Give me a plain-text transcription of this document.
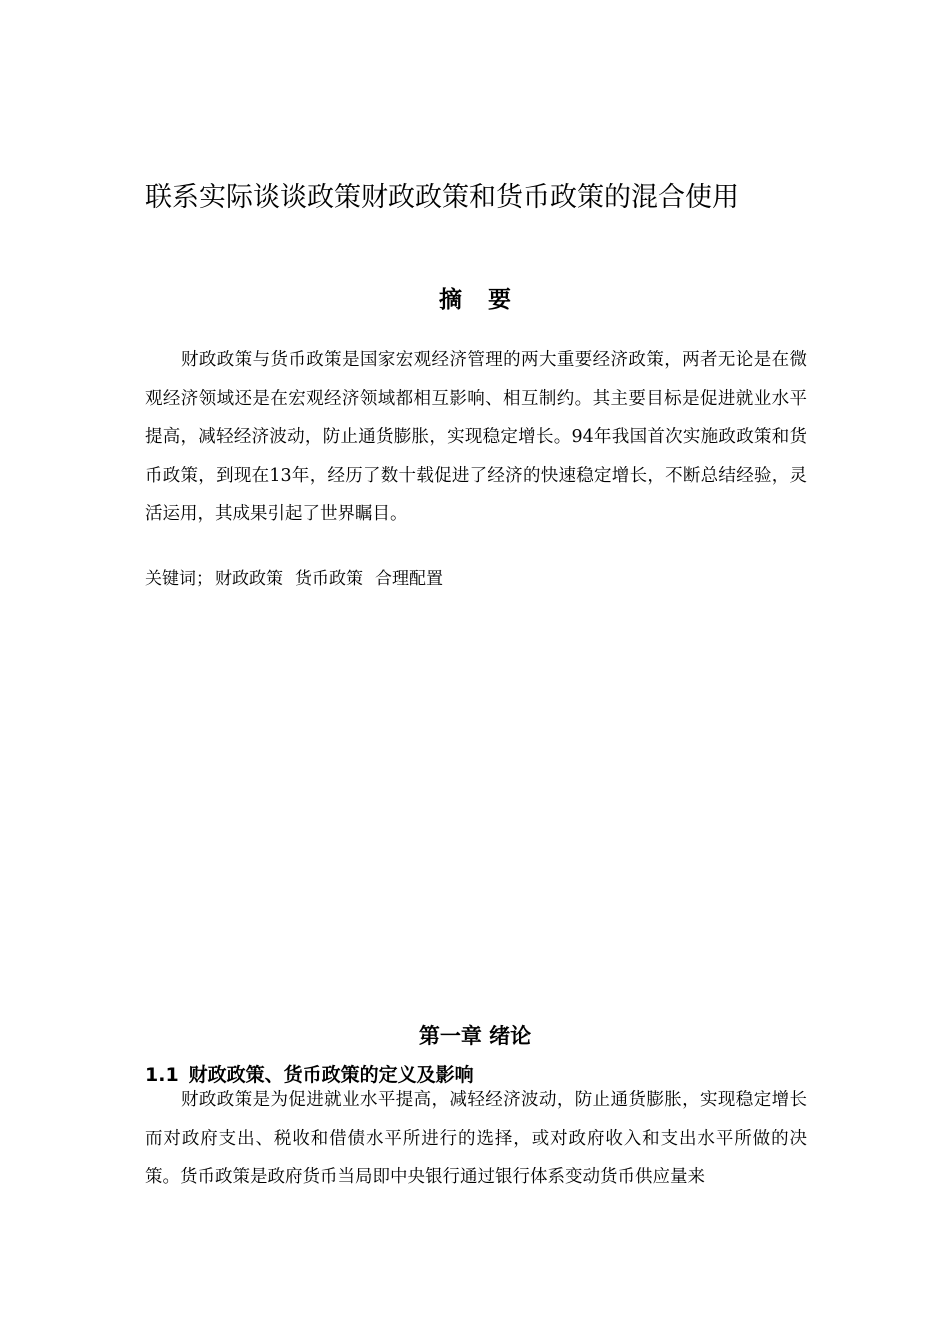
联系实际谈谈政策财政政策和货币政策的混合使用
摘要

财政政策与货币政策是国家宏观经济管理的两大重要经济政策，两者无论是在微观经济领域还是在宏观经济领域都相互影响、相互制约。其主要目标是促进就业水平提高，减轻经济波动，防止通货膨胀，实现稳定增长。94年我国首次实施政政策和货币政策，到现在13年，经历了数十载促进了经济的快速稳定增长，不断总结经验，灵活运用，其成果引起了世界瞩目。

关键词； 财政政策 货币政策 合理配置
第一章 绪论
1.1 财政政策、货币政策的定义及影响

财政政策是为促进就业水平提高，减轻经济波动，防止通货膨胀，实现稳定增长而对政府支出、税收和借债水平所进行的选择，或对政府收入和支出水平所做的决策。货币政策是政府货币当局即中央银行通过银行体系变动货币供应量来
